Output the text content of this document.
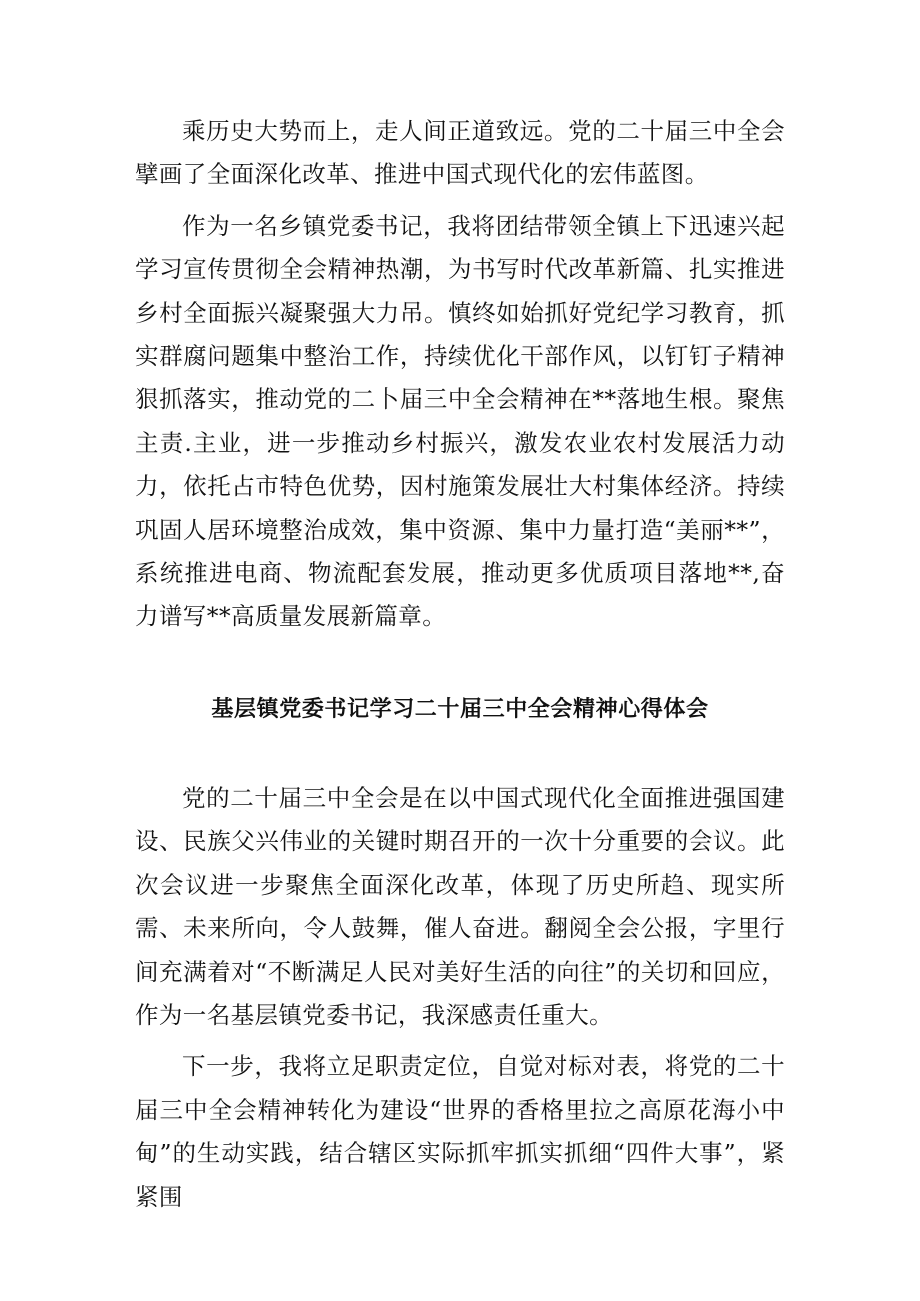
乘历史大势而上，走人间正道致远。党的二十届三中全会擘画了全面深化改革、推进中国式现代化的宏伟蓝图。

作为一名乡镇党委书记，我将团结带领全镇上下迅速兴起学习宣传贯彻全会精神热潮，为书写时代改革新篇、扎实推进乡村全面振兴凝聚强大力吊。慎终如始抓好党纪学习教育，抓实群腐问题集中整治工作，持续优化干部作风，以钉钉子精神狠抓落实，推动党的二卜届三中全会精神在**落地生根。聚焦主责.主业，进一步推动乡村振兴，激发农业农村发展活力动力，依托占市特色优势，因村施策发展壮大村集体经济。持续巩固人居环境整治成效，集中资源、集中力量打造“美丽**”，系统推进电商、物流配套发展，推动更多优质项目落地**,奋力谱写**高质量发展新篇章。

基层镇党委书记学习二十届三中全会精神心得体会

党的二十届三中全会是在以中国式现代化全面推进强国建设、民族父兴伟业的关键时期召开的一次十分重要的会议。此次会议进一步聚焦全面深化改革，体现了历史所趋、现实所需、未来所向，令人鼓舞，催人奋进。翻阅全会公报，字里行间充满着对“不断满足人民对美好生活的向往”的关切和回应，作为一名基层镇党委书记，我深感责任重大。

下一步，我将立足职责定位，自觉对标对表，将党的二十届三中全会精神转化为建设“世界的香格里拉之高原花海小中甸”的生动实践，结合辖区实际抓牢抓实抓细“四件大事”，紧紧围
